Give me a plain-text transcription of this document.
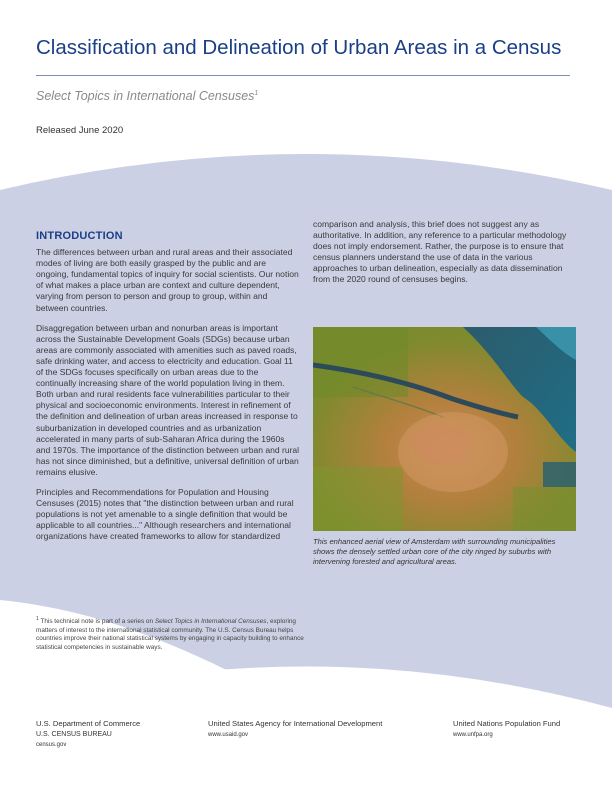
Classification and Delineation of Urban Areas in a Census
Select Topics in International Censuses$^1$
Released June 2020
INTRODUCTION

The differences between urban and rural areas and their associated modes of living are both easily grasped by the public and are ongoing, fundamental topics of inquiry for social scientists. Our notion of what makes a place urban are context and culture dependent, varying from person to person and group to group, within and between countries.

Disaggregation between urban and nonurban areas is important across the Sustainable Development Goals (SDGs) because urban areas are commonly associated with amenities such as paved roads, safe drinking water, and access to electricity and education. Goal 11 of the SDGs focuses specifically on urban areas due to the continually increasing share of the world population living in them. Both urban and rural residents face vulnerabilities particular to their physical and socioeconomic environments. Interest in refinement of the definition and delineation of urban areas increased in response to suburbanization in developed countries and as urbanization accelerated in many parts of sub-Saharan Africa during the 1960s and 1970s. The importance of the distinction between urban and rural has not since diminished, but a definitive, universal definition of urban remains elusive.

Principles and Recommendations for Population and Housing Censuses (2015) notes that "the distinction between urban and rural populations is not yet amenable to a single definition that would be applicable to all countries..." Although researchers and international organizations have created frameworks to allow for standardized

comparison and analysis, this brief does not suggest any as authoritative. In addition, any reference to a particular methodology does not imply endorsement. Rather, the purpose is to ensure that census planners understand the use of data in the various approaches to urban delineation, especially as data dissemination from the 2020 round of censuses begins.

This enhanced aerial view of Amsterdam with surrounding municipalities shows the densely settled urban core of the city ringed by suburbs with intervening forested and agricultural areas.
$^1$ This technical note is part of a series on Select Topics in International Censuses, exploring matters of interest to the international statistical community. The U.S. Census Bureau helps countries improve their national statistical systems by engaging in capacity building to enhance statistical competencies in sustainable ways.
U.S. Department of Commerce
U.S. CENSUS BUREAU
census.gov
United States Agency for International Development
www.usaid.gov
United Nations Population Fund
www.unfpa.org
